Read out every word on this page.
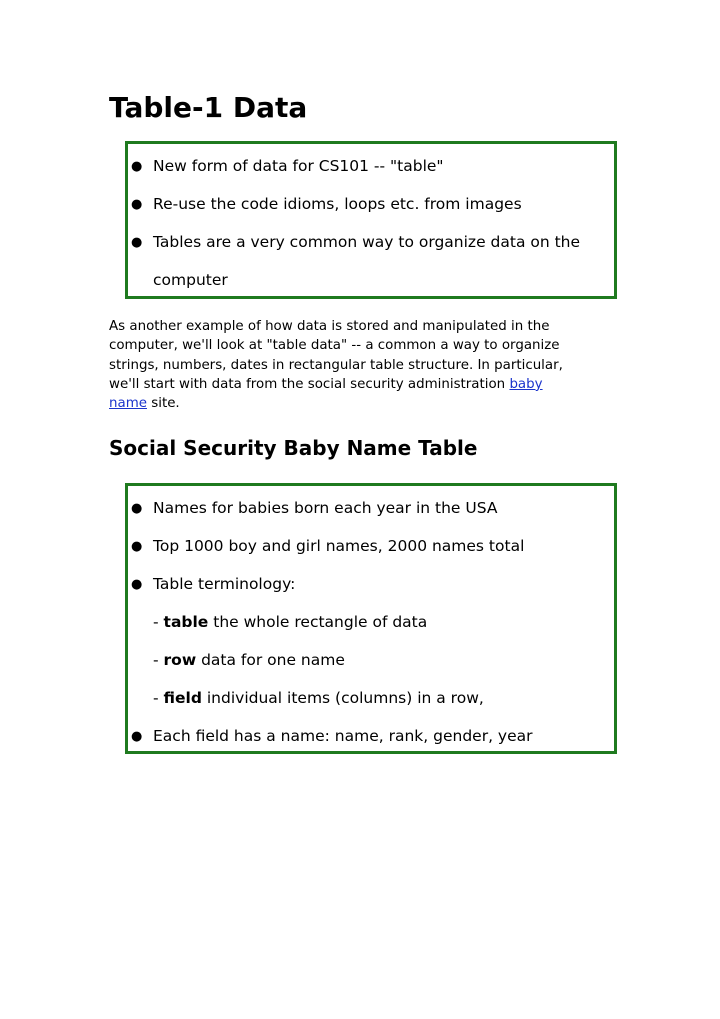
Table-1 Data
● New form of data for CS101 -- "table"
● Re-use the code idioms, loops etc. from images
● Tables are a very common way to organize data on the
computer

As another example of how data is stored and manipulated in the
computer, we'll look at "table data" -- a common a way to organize
strings, numbers, dates in rectangular table structure. In particular,
we'll start with data from the social security administration baby
name site.

Social Security Baby Name Table
● Names for babies born each year in the USA
● Top 1000 boy and girl names, 2000 names total
● Table terminology:
- table the whole rectangle of data
- row data for one name
- field individual items (columns) in a row,
● Each field has a name: name, rank, gender, year
